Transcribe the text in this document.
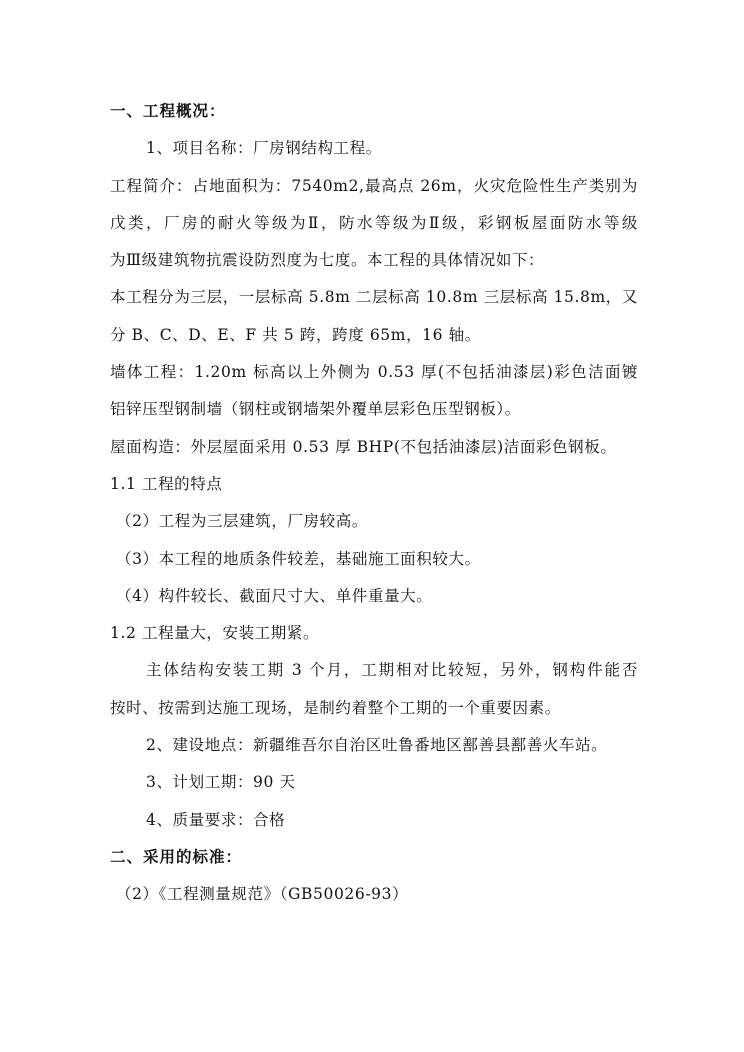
一、工程概况：
1、项目名称：厂房钢结构工程。
工程简介：占地面积为：7540m2,最高点 26m，火灾危险性生产类别为
戊类，厂房的耐火等级为Ⅱ，防水等级为Ⅱ级，彩钢板屋面防水等级
为Ⅲ级建筑物抗震设防烈度为七度。本工程的具体情况如下：
本工程分为三层，一层标高 5.8m 二层标高 10.8m 三层标高 15.8m，又
分 B、C、D、E、F 共 5 跨，跨度 65m，16 轴。
墙体工程：1.20m 标高以上外侧为 0.53 厚(不包括油漆层)彩色洁面镀
铝锌压型钢制墙（钢柱或钢墙架外覆单层彩色压型钢板）。
屋面构造：外层屋面采用 0.53 厚 BHP(不包括油漆层)洁面彩色钢板。
1.1 工程的特点
（2）工程为三层建筑，厂房较高。
（3）本工程的地质条件较差，基础施工面积较大。
（4）构件较长、截面尺寸大、单件重量大。
1.2 工程量大，安装工期紧。
主体结构安装工期 3 个月，工期相对比较短，另外，钢构件能否
按时、按需到达施工现场，是制约着整个工期的一个重要因素。
2、建设地点：新疆维吾尔自治区吐鲁番地区鄯善县鄯善火车站。
3、计划工期：90 天
4、质量要求：合格
二、采用的标准：
（2）《工程测量规范》（GB50026-93）
